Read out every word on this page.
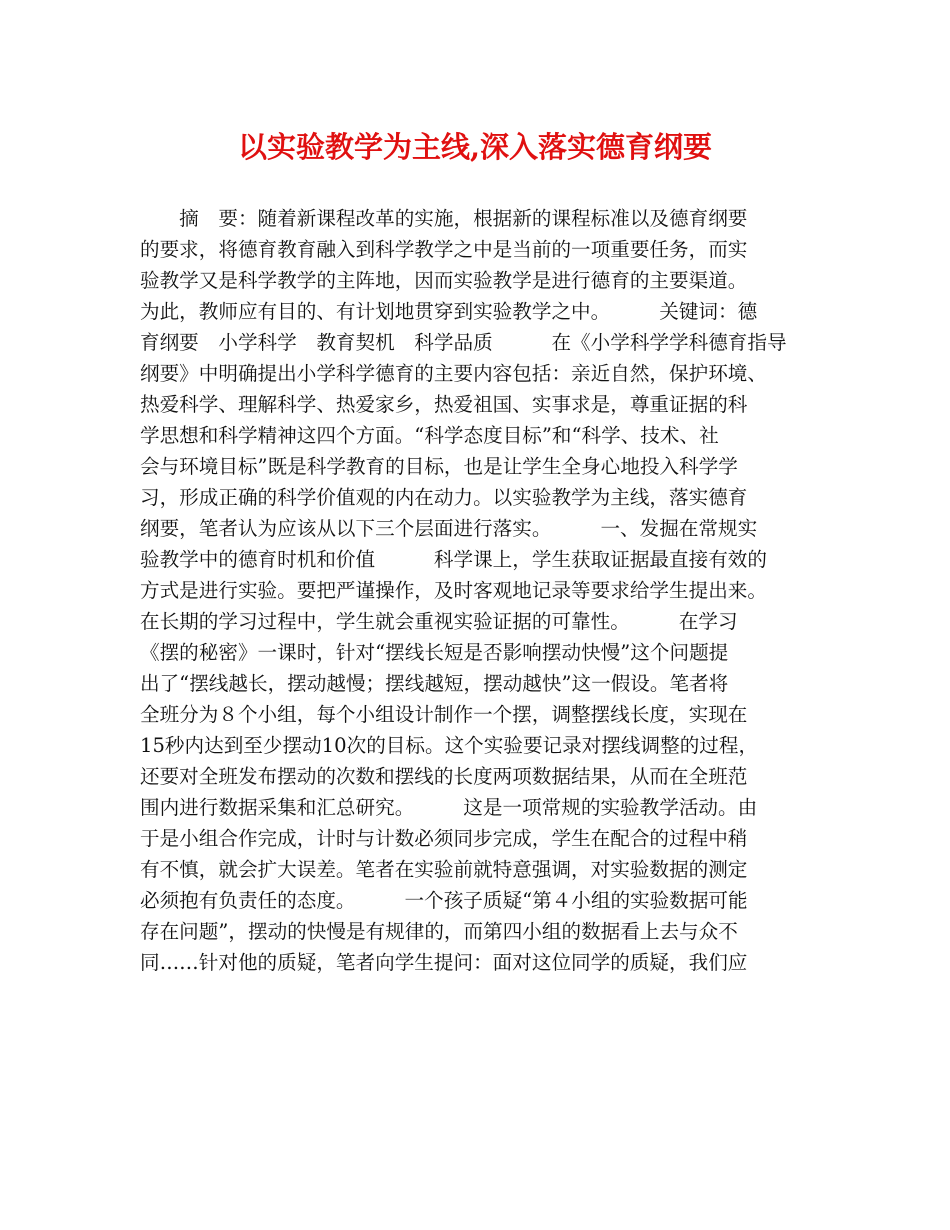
以实验教学为主线,深入落实德育纲要
　　摘　要：随着新课程改革的实施，根据新的课程标准以及德育纲要
的要求，将德育教育融入到科学教学之中是当前的一项重要任务，而实
验教学又是科学教学的主阵地，因而实验教学是进行德育的主要渠道。
为此，教师应有目的、有计划地贯穿到实验教学之中。　　　关键词：德
育纲要　小学科学　教育契机　科学品质　　　在《小学科学学科德育指导
纲要》中明确提出小学科学德育的主要内容包括：亲近自然，保护环境、
热爱科学、理解科学、热爱家乡，热爱祖国、实事求是，尊重证据的科
学思想和科学精神这四个方面。“科学态度目标”和“科学、技术、社
会与环境目标”既是科学教育的目标，也是让学生全身心地投入科学学
习，形成正确的科学价值观的内在动力。以实验教学为主线，落实德育
纲要，笔者认为应该从以下三个层面进行落实。　　　一、发掘在常规实
验教学中的德育时机和价值　　　科学课上，学生获取证据最直接有效的
方式是进行实验。要把严谨操作，及时客观地记录等要求给学生提出来。
在长期的学习过程中，学生就会重视实验证据的可靠性。　　　在学习
《摆的秘密》一课时，针对“摆线长短是否影响摆动快慢”这个问题提
出了“摆线越长，摆动越慢；摆线越短，摆动越快”这一假设。笔者将
全班分为８个小组，每个小组设计制作一个摆，调整摆线长度，实现在
15秒内达到至少摆动10次的目标。这个实验要记录对摆线调整的过程，
还要对全班发布摆动的次数和摆线的长度两项数据结果，从而在全班范
围内进行数据采集和汇总研究。　　　这是一项常规的实验教学活动。由
于是小组合作完成，计时与计数必须同步完成，学生在配合的过程中稍
有不慎，就会扩大误差。笔者在实验前就特意强调，对实验数据的测定
必须抱有负责任的态度。　　　一个孩子质疑“第４小组的实验数据可能
存在问题”，摆动的快慢是有规律的，而第四小组的数据看上去与众不
同……针对他的质疑，笔者向学生提问：面对这位同学的质疑，我们应
